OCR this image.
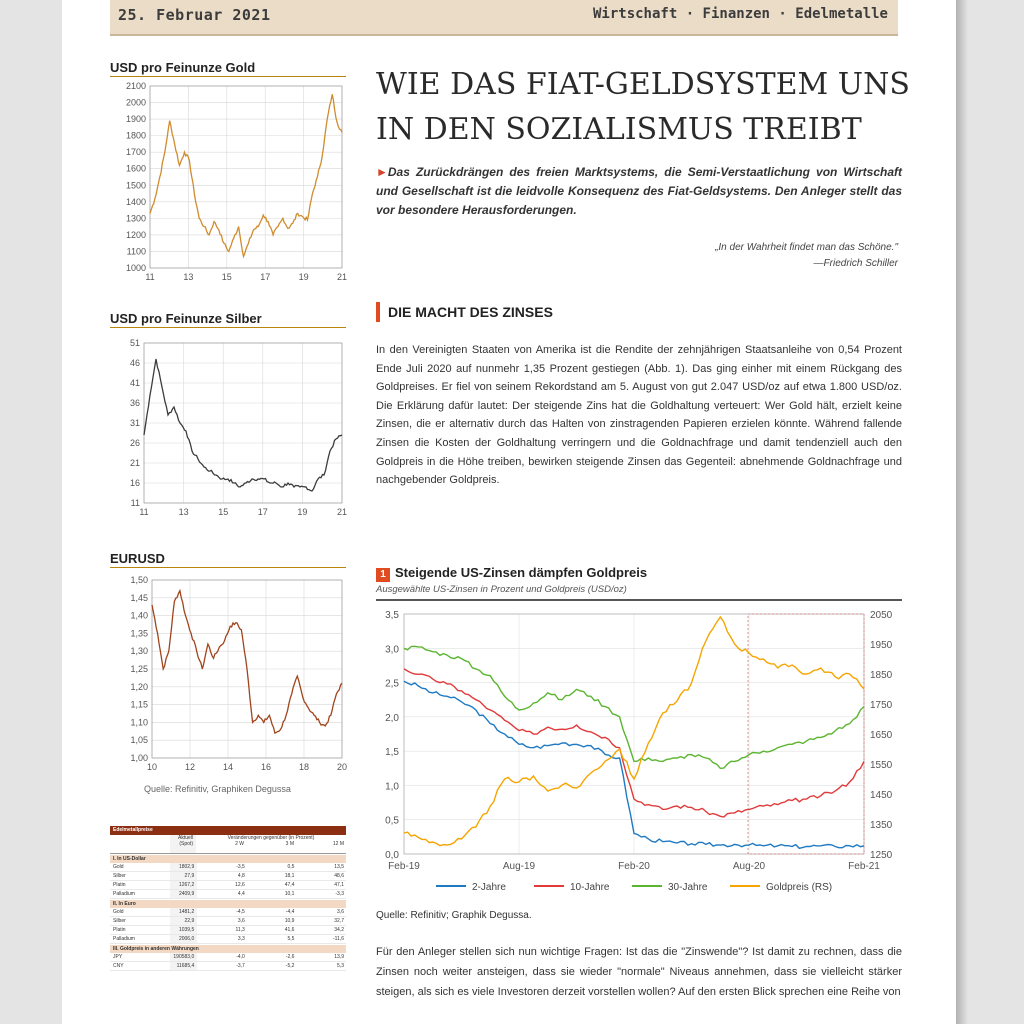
25. Februar 2021	Wirtschaft · Finanzen · Edelmetalle
USD pro Feinunze Gold
1000
1100
1200
1300
1400
1500
1600
1700
1800
1900
2000
2100
11	13	15	17	19	21
USD pro Feinunze Silber
11
16
21
26
31
36
41
46
51
11	13	15	17	19	21
EURUSD
1,00
1,05
1,10
1,15
1,20
1,25
1,30
1,35
1,40
1,45
1,50
10	12	14	16	18	20
Quelle: Refinitiv, Graphiken Degussa
Edelmetallpreise
Aktuell (Spot)
Veränderungen gegenüber (in Prozent)
2 W	3 M	12 M
I. In US-Dollar
Gold	1802,9	-3,5	0,5	13,5
Silber	27,9	4,8	18,1	48,6
Platin	1267,2	12,6	47,4	47,1
Palladium	2409,9	4,4	10,1	-3,3
II. In Euro
Gold	1481,2	-4,5	-4,4	3,6
Silber	22,9	3,6	10,9	32,7
Platin	1039,5	11,3	41,6	34,2
Palladium	2006,0	3,3	5,5	-11,6
III. Goldpreis in anderen Währungen
JPY	190583,0	-4,0	-2,6	13,9
CNY	11685,4	-3,7	-5,2	5,3
WIE DAS FIAT-GELDSYSTEM UNS
IN DEN SOZIALISMUS TREIBT

►Das Zurückdrängen des freien Marktsystems, die Semi-Verstaatlichung von Wirtschaft und Gesellschaft ist die leidvolle Konsequenz des Fiat-Geldsystems. Den Anleger stellt das vor besondere Herausforderungen.

„In der Wahrheit findet man das Schöne."
—Friedrich Schiller
DIE MACHT DES ZINSES

In den Vereinigten Staaten von Amerika ist die Rendite der zehnjährigen Staatsanleihe von 0,54 Prozent Ende Juli 2020 auf nunmehr 1,35 Prozent gestiegen (Abb. 1). Das ging einher mit einem Rückgang des Goldpreises. Er fiel von seinem Rekordstand am 5. August von gut 2.047 USD/oz auf etwa 1.800 USD/oz. Die Erklärung dafür lautet: Der steigende Zins hat die Goldhaltung verteuert: Wer Gold hält, erzielt keine Zinsen, die er alternativ durch das Halten von zinstragenden Papieren erzielen könnte. Während fallende Zinsen die Kosten der Goldhaltung verringern und die Goldnachfrage und damit tendenziell auch den Goldpreis in die Höhe treiben, bewirken steigende Zinsen das Gegenteil: abnehmende Goldnachfrage und nachgebender Goldpreis.

1 Steigende US-Zinsen dämpfen Goldpreis
Ausgewählte US-Zinsen in Prozent und Goldpreis (USD/oz)
0,0
0,5
1,0
1,5
2,0
2,5
3,0
3,5
1250
1350
1450
1550
1650
1750
1850
1950
2050
Feb-19	Aug-19	Feb-20	Aug-20	Feb-21
2-Jahre	10-Jahre	30-Jahre	Goldpreis (RS)
Quelle: Refinitiv; Graphik Degussa.

Für den Anleger stellen sich nun wichtige Fragen: Ist das die "Zinswende"? Ist damit zu rechnen, dass die Zinsen noch weiter ansteigen, dass sie wieder "normale" Niveaus annehmen, dass sie vielleicht stärker steigen, als sich es viele Investoren derzeit vorstellen wollen? Auf den ersten Blick sprechen eine Reihe von
